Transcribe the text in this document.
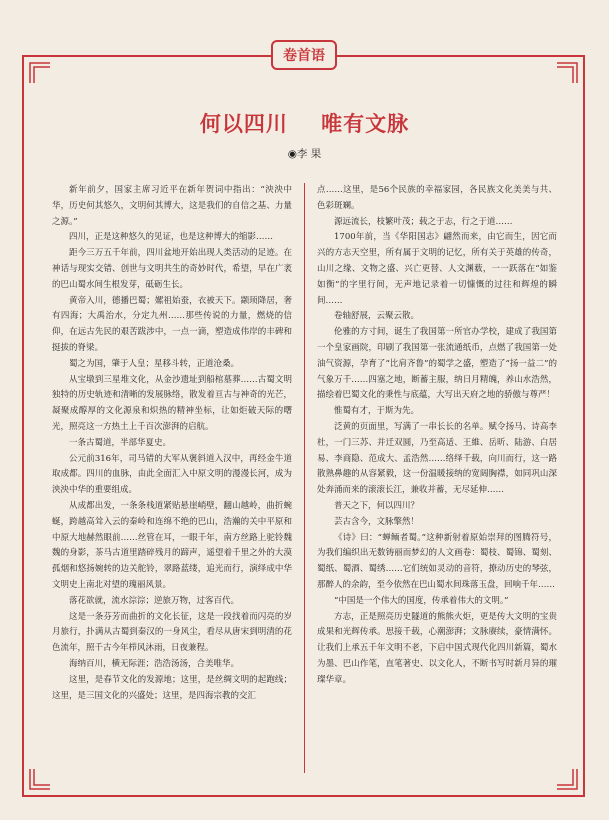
卷首语
何以四川    唯有文脉
◉李 果

新年前夕，国家主席习近平在新年贺词中指出：“泱泱中华，历史何其悠久，文明何其博大，这是我们的自信之基、力量之源。”

四川，正是这种悠久的见证，也是这种博大的缩影……

距今三万五千年前，四川盆地开始出现人类活动的足迹。在神话与现实交错、创世与文明共生的奇妙时代，希望，早在广袤的巴山蜀水间生根发芽，砥砺生长。

黄帝入川，德播巴蜀；嫘祖始蚕，衣被天下。颛顼降居，奢有四海；大禹治水，分定九州……那些传说的力量，燃烧的信仰，在远古先民的艰苦跋涉中，一点一滴，塑造成伟岸的丰碑和挺拔的脊梁。

蜀之为国，肇于人皇；星移斗转，正道沧桑。

从宝墩到三星堆文化，从金沙遗址到船棺墓葬……古蜀文明独特的历史轨迹和清晰的发展脉络，散发着亘古与神奇的光芒，凝聚成醇厚的文化源泉和炽热的精神坐标，让如炬破天际的曙光，照亮这一方热土上千百次澎湃的启航。

一条古蜀道，半部华夏史。

公元前316年，司马错的大军从褒斜道入汉中，再经金牛道取成都。四川的血脉，由此全面汇入中原文明的漫漫长河，成为泱泱中华的重要组成。

从成都出发，一条条栈道紧贴悬崖峭壁，翻山越岭，曲折蜿蜒，跨越高耸入云的秦岭和连绵不绝的巴山，浩瀚的关中平原和中原大地赫然眼前……丝管在耳，一眼千年，南方丝路上驼铃魏魏的身影，茶马古道里踏碎残月的蹄声，遥望着千里之外的大漠孤烟和悠扬婉转的边关舵铃，翠路蓝缕，追光而行，演绎成中华文明史上南北对望的瑰丽风景。

落花欲就，流水淙淙；逆旅万物，过客百代。

这是一条芬芳而曲折的文化长征，这是一段找着而闪亮的岁月旅行，扑满从古蜀到秦汉的一身风尘，看尽从唐宋到明清的花色流年，照千古今年栉风沐雨，日夜兼程。

海纳百川，横无际涯；浩浩汤汤，合美唯华。

这里，是春节文化的发源地；这里，是丝绸文明的起跑线；这里，是三国文化的兴盛处；这里，是四海宗教的交汇

点……这里，是56个民族的幸福家园，各民族文化美美与共、色彩斑斓。

源远流长，枝繁叶茂；载之于志，行之于道……

1700年前，当《华阳国志》翩然而来，由它而生，因它而兴的方志天空里，所有属于文明的记忆，所有关于英雄的传奇，山川之缘、文物之盛、兴亡更替、人文渊薮，一一跃落在“如鉴如衡”的字里行间，无声地记录着一切慷慨的过往和辉煌的瞬间……

卷轴舒展，云聚云散。

伦雅的方寸间，诞生了我国第一所官办学校，建成了我国第一个皇家画院，印刷了我国第一张流通纸币，点燃了我国第一处油气资源，孕育了“比肩齐鲁”的蜀学之盛，塑造了“扬一益二”的气象万千……四塞之地，断蓄主服，纳日月精魄，养山水浩然，描绘着巴蜀文化的秉性与底蕴，大写出天府之地的骄傲与尊严！

惟蜀有才，于斯为先。

泛黄的页面里，写满了一串长长的名单。赋令扬马、诗高李杜，一门三苏、并迁双圆，乃至高适、王維、岳昕、陆游、白居易、李商隐、范成大、孟浩然……络绎千载，向川而行，这一路散熟鼻趣的从容紧毅，这一份温暖接纳的宽阔胸襟，如同巩山深处奔涌而来的滚滚长江，兼收并蓄，无尽延伸……

普天之下，何以四川？

芸古含今，文脉擎然！

《诗》曰：“蝉鲕者蜀。”这种新射着原始崇拜的图腾符号，为我们编织出无数铸丽而梦幻的人文画卷：蜀枝、蜀锦、蜀刻、蜀纸、蜀酒、蜀绣……它们统如灵动的音符，撩动历史的琴弦，那醉人的余韵，至今依然在巴山蜀水间珠落玉盘，回响千年……

“中国是一个伟大的国度，传承着伟大的文明。”

方志，正是照亮历史隧道的熊熊火炬，更是传大文明的宝贵成果和光辉传承。思接千载，心潮澎湃；文脉赓续，豪情满怀。让我们上承五千年文明不老，下启中国式现代化四川新篇，蜀水为墨、巴山作笔，直笔著史、以文化人，不断书写时新月异的璀璨华章。
